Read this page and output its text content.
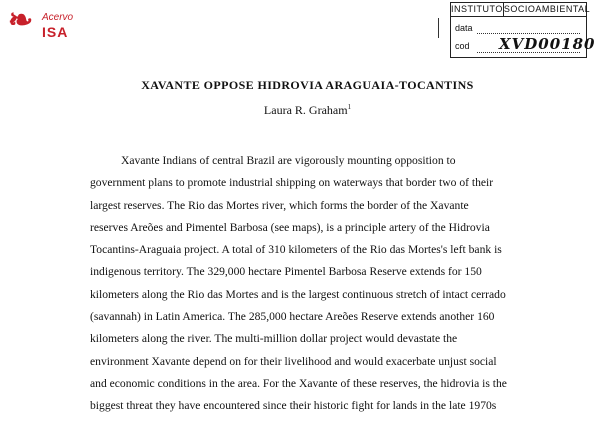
❧ Acervo
ISA
INSTITUTO SOCIOAMBIENTAL
data
cod XVD00180
XAVANTE OPPOSE HIDROVIA ARAGUAIA-TOCANTINS
Laura R. Graham$^1$
Xavante Indians of central Brazil are vigorously mounting opposition to
government plans to promote industrial shipping on waterways that border two of their
largest reserves. The Rio das Mortes river, which forms the border of the Xavante
reserves Areões and Pimentel Barbosa (see maps), is a principle artery of the Hidrovia
Tocantins-Araguaia project. A total of 310 kilometers of the Rio das Mortes's left bank is
indigenous territory. The 329,000 hectare Pimentel Barbosa Reserve extends for 150
kilometers along the Rio das Mortes and is the largest continuous stretch of intact cerrado
(savannah) in Latin America. The 285,000 hectare Areões Reserve extends another 160
kilometers along the river. The multi-million dollar project would devastate the
environment Xavante depend on for their livelihood and would exacerbate unjust social
and economic conditions in the area. For the Xavante of these reserves, the hidrovia is the
biggest threat they have encountered since their historic fight for lands in the late 1970s
